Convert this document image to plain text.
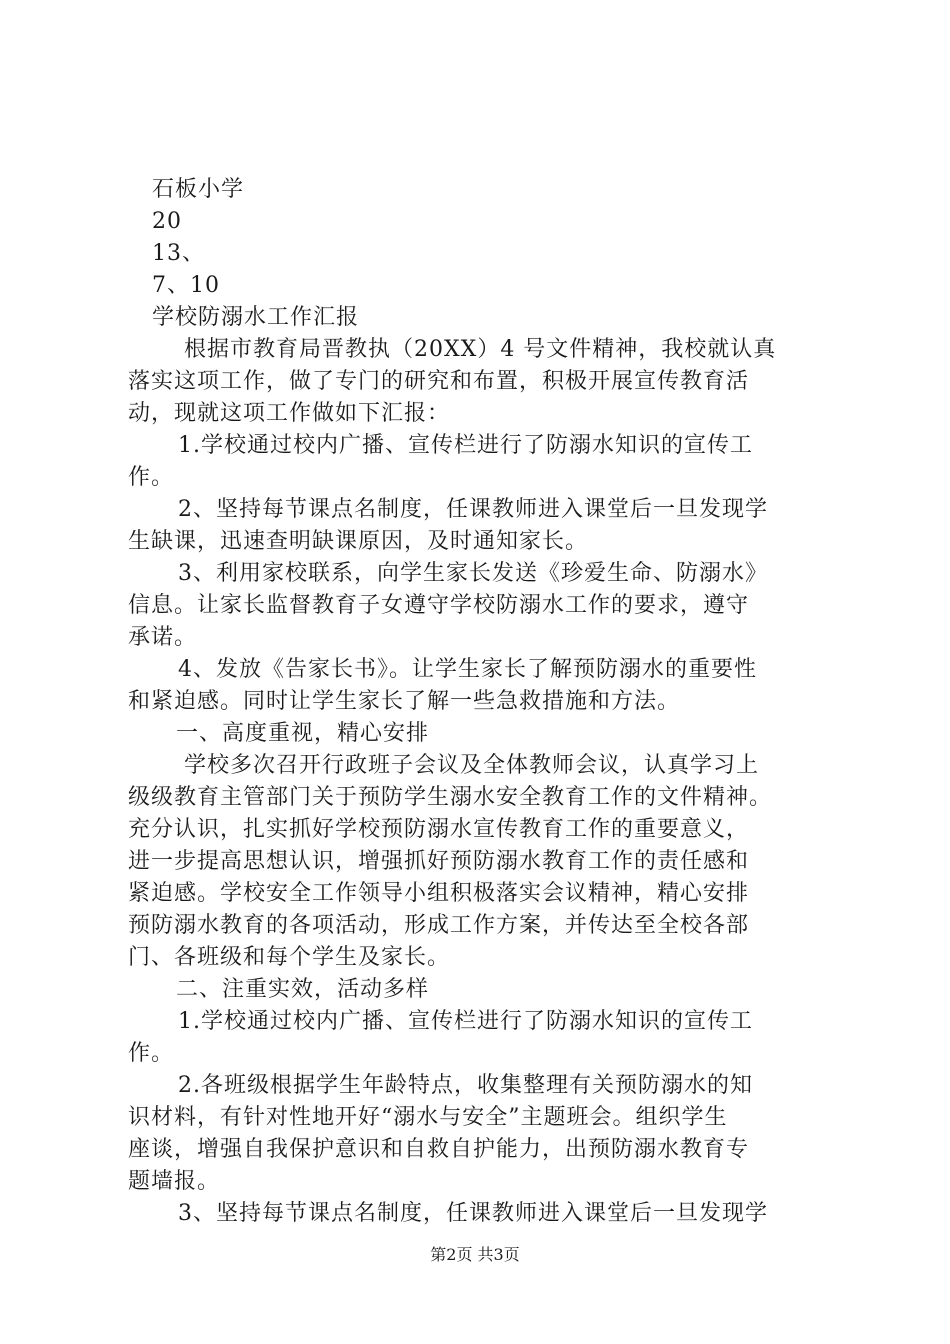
石板小学
20
13、
7、10
学校防溺水工作汇报
根据市教育局晋教执（20XX）4 号文件精神，我校就认真
落实这项工作，做了专门的研究和布置，积极开展宣传教育活
动，现就这项工作做如下汇报：
1.学校通过校内广播、宣传栏进行了防溺水知识的宣传工
作。
2、坚持每节课点名制度，任课教师进入课堂后一旦发现学
生缺课，迅速查明缺课原因，及时通知家长。
3、利用家校联系，向学生家长发送《珍爱生命、防溺水》
信息。让家长监督教育子女遵守学校防溺水工作的要求，遵守
承诺。
4、发放《告家长书》。让学生家长了解预防溺水的重要性
和紧迫感。同时让学生家长了解一些急救措施和方法。
一、高度重视，精心安排
学校多次召开行政班子会议及全体教师会议，认真学习上
级级教育主管部门关于预防学生溺水安全教育工作的文件精神。
充分认识，扎实抓好学校预防溺水宣传教育工作的重要意义，
进一步提高思想认识，增强抓好预防溺水教育工作的责任感和
紧迫感。学校安全工作领导小组积极落实会议精神，精心安排
预防溺水教育的各项活动，形成工作方案，并传达至全校各部
门、各班级和每个学生及家长。
二、注重实效，活动多样
1.学校通过校内广播、宣传栏进行了防溺水知识的宣传工
作。
2.各班级根据学生年龄特点，收集整理有关预防溺水的知
识材料，有针对性地开好“溺水与安全”主题班会。组织学生
座谈，增强自我保护意识和自救自护能力，出预防溺水教育专
题墙报。
3、坚持每节课点名制度，任课教师进入课堂后一旦发现学
第2页 共3页
